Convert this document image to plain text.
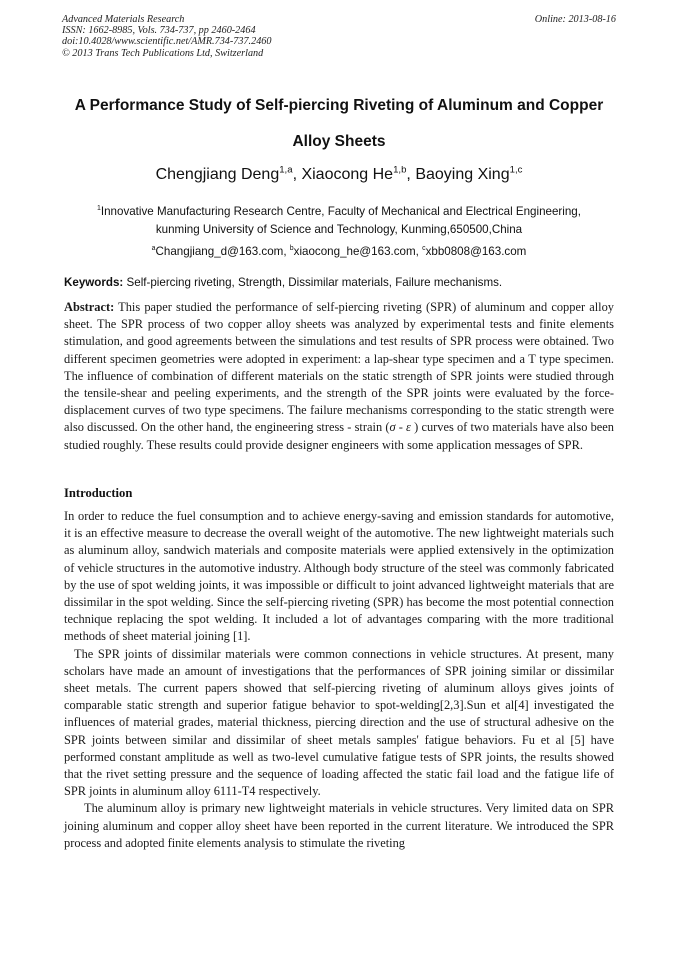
Advanced Materials Research
ISSN: 1662-8985, Vols. 734-737, pp 2460-2464
doi:10.4028/www.scientific.net/AMR.734-737.2460
© 2013 Trans Tech Publications Ltd, Switzerland
Online: 2013-08-16
A Performance Study of Self-piercing Riveting of Aluminum and Copper
Alloy Sheets
Chengjiang Deng$^{1,a}$, Xiaocong He$^{1,b}$, Baoying Xing$^{1,c}$
$^1$Innovative Manufacturing Research Centre, Faculty of Mechanical and Electrical Engineering,
kunming University of Science and Technology, Kunming,650500,China
$^a$Changjiang_d@163.com, $^b$xiaocong_he@163.com, $^c$xbb0808@163.com
Keywords: Self-piercing riveting, Strength, Dissimilar materials, Failure mechanisms.
Abstract: This paper studied the performance of self-piercing riveting (SPR) of aluminum and copper alloy sheet. The SPR process of two copper alloy sheets was analyzed by experimental tests and finite elements stimulation, and good agreements between the simulations and test results of SPR process were obtained. Two different specimen geometries were adopted in experiment: a lap-shear type specimen and a T type specimen. The influence of combination of different materials on the static strength of SPR joints were studied through the tensile-shear and peeling experiments, and the strength of the SPR joints were evaluated by the force-displacement curves of two type specimens. The failure mechanisms corresponding to the static strength were also discussed. On the other hand, the engineering stress - strain (σ - ε ) curves of two materials have also been studied roughly. These results could provide designer engineers with some application messages of SPR.
Introduction

In order to reduce the fuel consumption and to achieve energy-saving and emission standards for automotive, it is an effective measure to decrease the overall weight of the automotive. The new lightweight materials such as aluminum alloy, sandwich materials and composite materials were applied extensively in the optimization of vehicle structures in the automotive industry. Although body structure of the steel was commonly fabricated by the use of spot welding joints, it was impossible or difficult to joint advanced lightweight materials that are dissimilar in the spot welding. Since the self-piercing riveting (SPR) has become the most potential connection technique replacing the spot welding. It included a lot of advantages comparing with the more traditional methods of sheet material joining [1].

The SPR joints of dissimilar materials were common connections in vehicle structures. At present, many scholars have made an amount of investigations that the performances of SPR joining similar or dissimilar sheet metals. The current papers showed that self-piercing riveting of aluminum alloys gives joints of comparable static strength and superior fatigue behavior to spot-welding[2,3].Sun et al[4] investigated the influences of material grades, material thickness, piercing direction and the use of structural adhesive on the SPR joints between similar and dissimilar of sheet metals samples' fatigue behaviors. Fu et al [5] have performed constant amplitude as well as two-level cumulative fatigue tests of SPR joints, the results showed that the rivet setting pressure and the sequence of loading affected the static fail load and the fatigue life of SPR joints in aluminum alloy 6111-T4 respectively.

The aluminum alloy is primary new lightweight materials in vehicle structures. Very limited data on SPR joining aluminum and copper alloy sheet have been reported in the current literature. We introduced the SPR process and adopted finite elements analysis to stimulate the riveting
